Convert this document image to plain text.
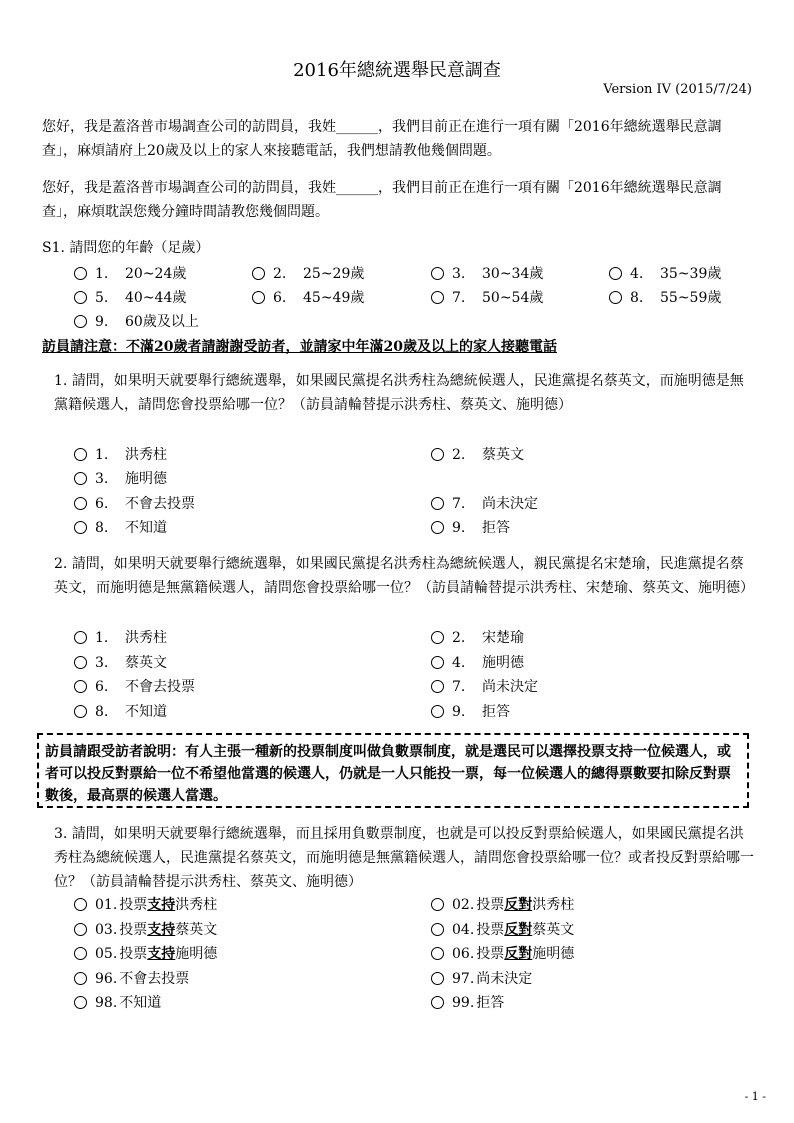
2016年總統選舉民意調查
Version IV (2015/7/24)
您好，我是蓋洛普市場調查公司的訪問員，我姓______，我們目前正在進行一項有關「2016年總統選舉民意調查」，麻煩請府上20歲及以上的家人來接聽電話，我們想請教他幾個問題。
您好，我是蓋洛普市場調查公司的訪問員，我姓______，我們目前正在進行一項有關「2016年總統選舉民意調查」，麻煩耽誤您幾分鐘時間請教您幾個問題。
S1. 請問您的年齡（足歲）
1. 20~24歲	2. 25~29歲	3. 30~34歲	4. 35~39歲
5. 40~44歲	6. 45~49歲	7. 50~54歲	8. 55~59歲
9. 60歲及以上
訪員請注意：不滿20歲者請謝謝受訪者，並請家中年滿20歲及以上的家人接聽電話
1. 請問，如果明天就要舉行總統選舉，如果國民黨提名洪秀柱為總統候選人，民進黨提名蔡英文，而施明德是無黨籍候選人，請問您會投票給哪一位？（訪員請輪替提示洪秀柱、蔡英文、施明德）
1. 洪秀柱	2. 蔡英文
3. 施明德
6. 不會去投票	7. 尚未決定
8. 不知道	9. 拒答
2. 請問，如果明天就要舉行總統選舉，如果國民黨提名洪秀柱為總統候選人，親民黨提名宋楚瑜，民進黨提名蔡英文，而施明德是無黨籍候選人，請問您會投票給哪一位？（訪員請輪替提示洪秀柱、宋楚瑜、蔡英文、施明德）
1. 洪秀柱	2. 宋楚瑜
3. 蔡英文	4. 施明德
6. 不會去投票	7. 尚未決定
8. 不知道	9. 拒答
訪員請跟受訪者說明：有人主張一種新的投票制度叫做負數票制度，就是選民可以選擇投票支持一位候選人，或者可以投反對票給一位不希望他當選的候選人，仍就是一人只能投一票，每一位候選人的總得票數要扣除反對票數後，最高票的候選人當選。
3. 請問，如果明天就要舉行總統選舉，而且採用負數票制度，也就是可以投反對票給候選人，如果國民黨提名洪秀柱為總統候選人，民進黨提名蔡英文，而施明德是無黨籍候選人，請問您會投票給哪一位？或者投反對票給哪一位？（訪員請輪替提示洪秀柱、蔡英文、施明德）
01. 投票支持洪秀柱	02. 投票反對洪秀柱
03. 投票支持蔡英文	04. 投票反對蔡英文
05. 投票支持施明德	06. 投票反對施明德
96. 不會去投票	97. 尚未決定
98. 不知道	99. 拒答
- 1 -
